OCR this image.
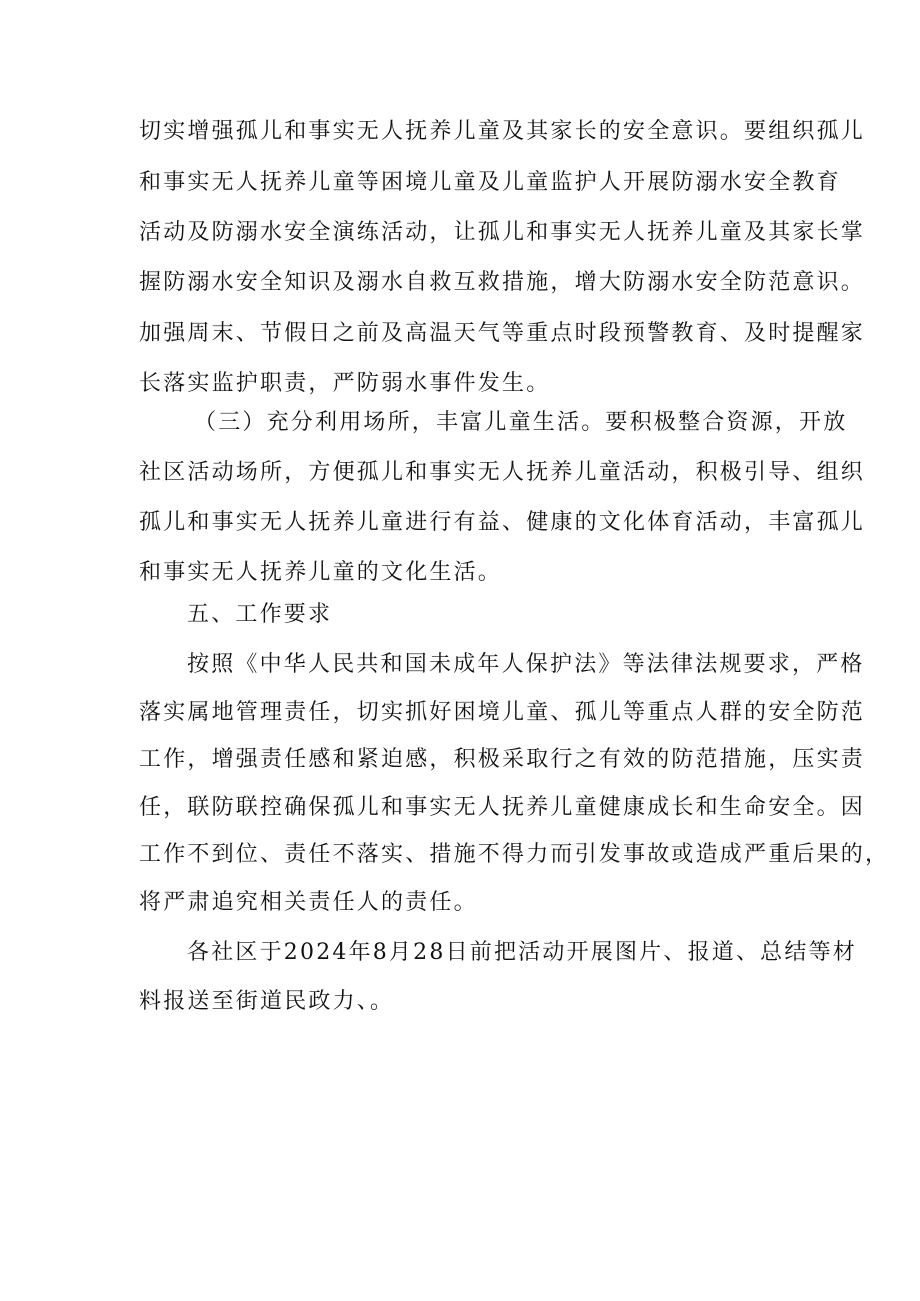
切实增强孤儿和事实无人抚养儿童及其家长的安全意识。要组织孤儿
和事实无人抚养儿童等困境儿童及儿童监护人开展防溺水安全教育
活动及防溺水安全演练活动，让孤儿和事实无人抚养儿童及其家长掌
握防溺水安全知识及溺水自救互救措施，增大防溺水安全防范意识。
加强周末、节假日之前及高温天气等重点时段预警教育、及时提醒家
长落实监护职责，严防弱水事件发生。
（三）充分利用场所，丰富儿童生活。要积极整合资源，开放
社区活动场所，方便孤儿和事实无人抚养儿童活动，积极引导、组织
孤儿和事实无人抚养儿童进行有益、健康的文化体育活动，丰富孤儿
和事实无人抚养儿童的文化生活。
五、工作要求
按照《中华人民共和国未成年人保护法》等法律法规要求，严格
落实属地管理责任，切实抓好困境儿童、孤儿等重点人群的安全防范
工作，增强责任感和紧迫感，积极采取行之有效的防范措施，压实责
任，联防联控确保孤儿和事实无人抚养儿童健康成长和生命安全。因
工作不到位、责任不落实、措施不得力而引发事故或造成严重后果的，
将严肃追究相关责任人的责任。
各社区于2024年8月28日前把活动开展图片、报道、总结等材
料报送至街道民政力、。
